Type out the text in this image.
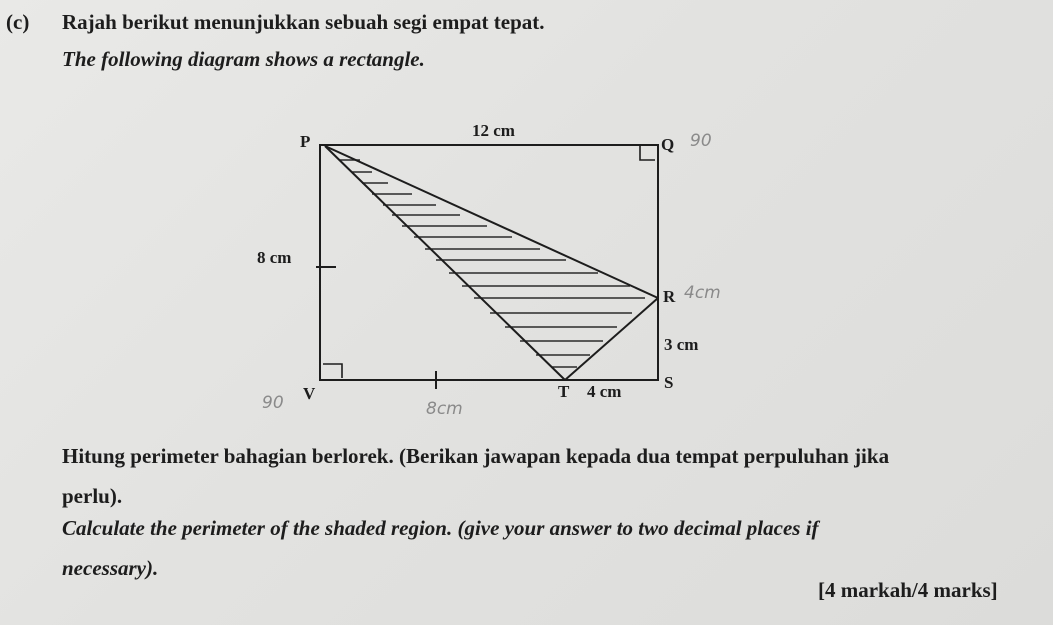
(c) Rajah berikut menunjukkan sebuah segi empat tepat.
The following diagram shows a rectangle.
P	Q
R
S
T
V
12 cm
8 cm
3 cm
4 cm
90
90
4cm
8cm
Hitung perimeter bahagian berlorek. (Berikan jawapan kepada dua tempat perpuluhan jika
perlu).
Calculate the perimeter of the shaded region. (give your answer to two decimal places if
necessary).
[4 markah/4 marks]
